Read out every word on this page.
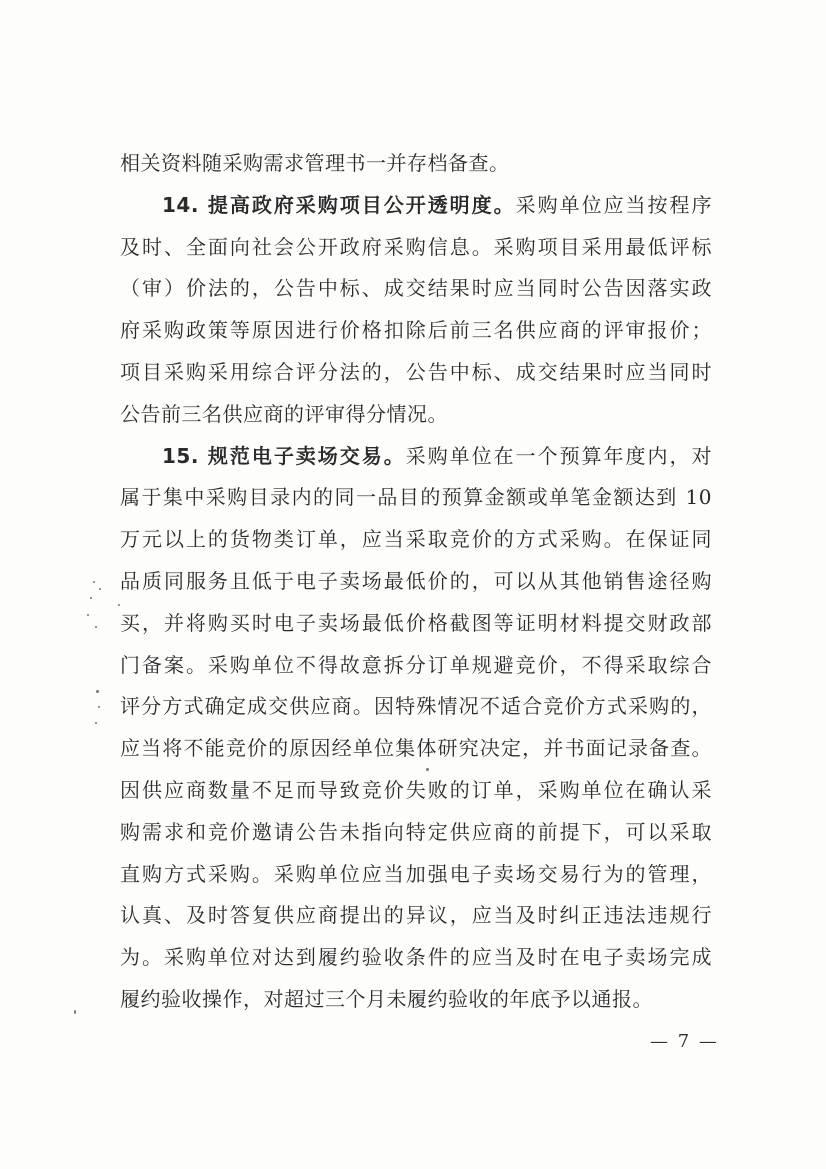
相关资料随采购需求管理书一并存档备查。
14. 提高政府采购项目公开透明度。采购单位应当按程序
及时、全面向社会公开政府采购信息。采购项目采用最低评标
（审）价法的，公告中标、成交结果时应当同时公告因落实政
府采购政策等原因进行价格扣除后前三名供应商的评审报价；
项目采购采用综合评分法的，公告中标、成交结果时应当同时
公告前三名供应商的评审得分情况。
15. 规范电子卖场交易。采购单位在一个预算年度内，对
属于集中采购目录内的同一品目的预算金额或单笔金额达到 10
万元以上的货物类订单，应当采取竞价的方式采购。在保证同
品质同服务且低于电子卖场最低价的，可以从其他销售途径购
买，并将购买时电子卖场最低价格截图等证明材料提交财政部
门备案。采购单位不得故意拆分订单规避竞价，不得采取综合
评分方式确定成交供应商。因特殊情况不适合竞价方式采购的，
应当将不能竞价的原因经单位集体研究决定，并书面记录备查。
因供应商数量不足而导致竞价失败的订单，采购单位在确认采
购需求和竞价邀请公告未指向特定供应商的前提下，可以采取
直购方式采购。采购单位应当加强电子卖场交易行为的管理，
认真、及时答复供应商提出的异议，应当及时纠正违法违规行
为。采购单位对达到履约验收条件的应当及时在电子卖场完成
履约验收操作，对超过三个月未履约验收的年底予以通报。
— 7 —
